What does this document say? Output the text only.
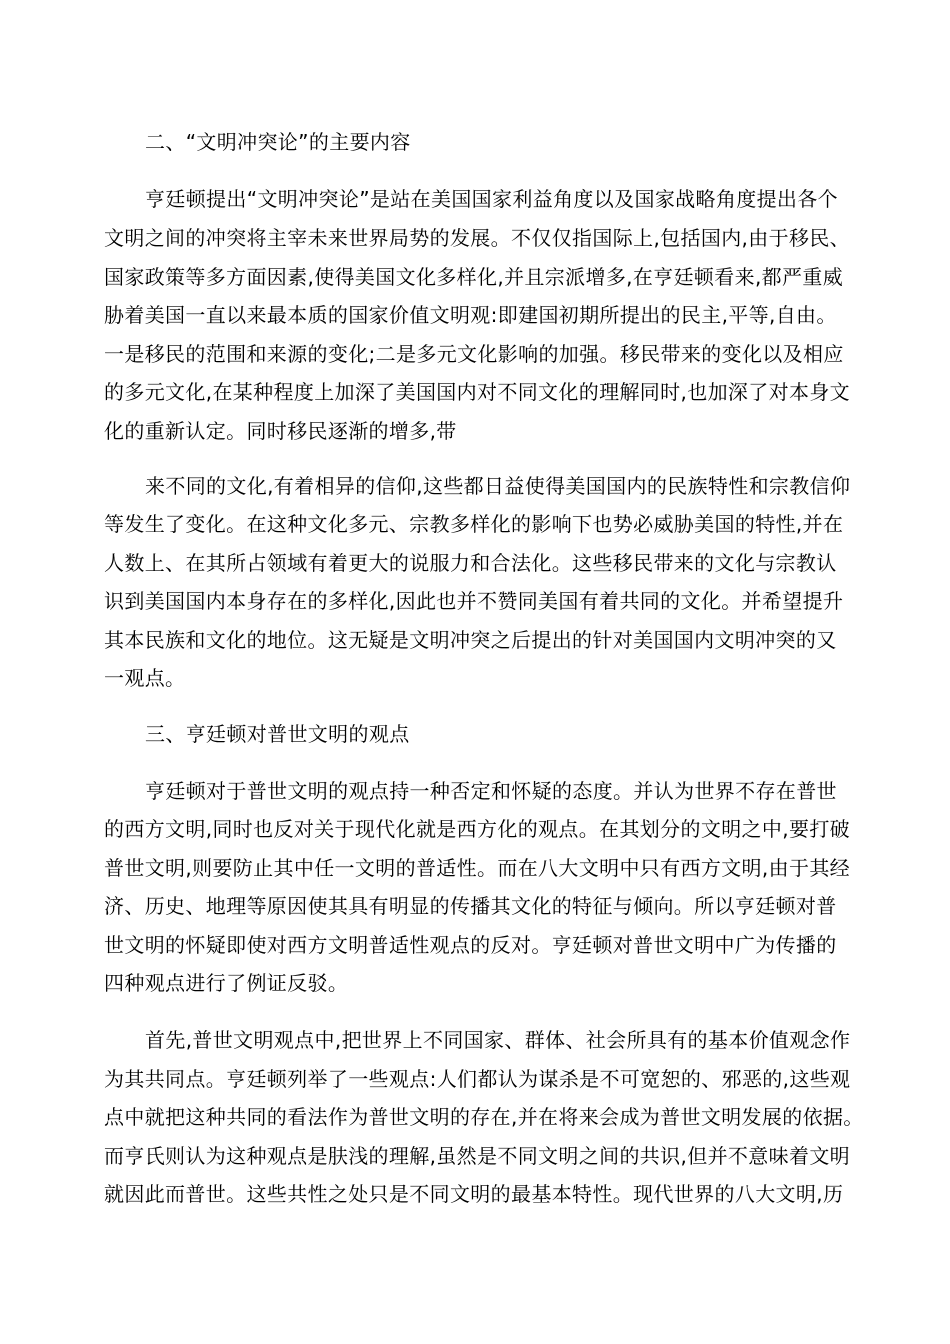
二、“文明冲突论”的主要内容
亨廷顿提出“文明冲突论”是站在美国国家利益角度以及国家战略角度提出各个
文明之间的冲突将主宰未来世界局势的发展。不仅仅指国际上,包括国内,由于移民、
国家政策等多方面因素,使得美国文化多样化,并且宗派增多,在亨廷顿看来,都严重威
胁着美国一直以来最本质的国家价值文明观:即建国初期所提出的民主,平等,自由。
一是移民的范围和来源的变化;二是多元文化影响的加强。移民带来的变化以及相应
的多元文化,在某种程度上加深了美国国内对不同文化的理解同时,也加深了对本身文
化的重新认定。同时移民逐渐的增多,带
来不同的文化,有着相异的信仰,这些都日益使得美国国内的民族特性和宗教信仰
等发生了变化。在这种文化多元、宗教多样化的影响下也势必威胁美国的特性,并在
人数上、在其所占领域有着更大的说服力和合法化。这些移民带来的文化与宗教认
识到美国国内本身存在的多样化,因此也并不赞同美国有着共同的文化。并希望提升
其本民族和文化的地位。这无疑是文明冲突之后提出的针对美国国内文明冲突的又
一观点。
三、亨廷顿对普世文明的观点
亨廷顿对于普世文明的观点持一种否定和怀疑的态度。并认为世界不存在普世
的西方文明,同时也反对关于现代化就是西方化的观点。在其划分的文明之中,要打破
普世文明,则要防止其中任一文明的普适性。而在八大文明中只有西方文明,由于其经
济、历史、地理等原因使其具有明显的传播其文化的特征与倾向。所以亨廷顿对普
世文明的怀疑即使对西方文明普适性观点的反对。亨廷顿对普世文明中广为传播的
四种观点进行了例证反驳。
首先,普世文明观点中,把世界上不同国家、群体、社会所具有的基本价值观念作
为其共同点。亨廷顿列举了一些观点:人们都认为谋杀是不可宽恕的、邪恶的,这些观
点中就把这种共同的看法作为普世文明的存在,并在将来会成为普世文明发展的依据。
而亨氏则认为这种观点是肤浅的理解,虽然是不同文明之间的共识,但并不意味着文明
就因此而普世。这些共性之处只是不同文明的最基本特性。现代世界的八大文明,历
